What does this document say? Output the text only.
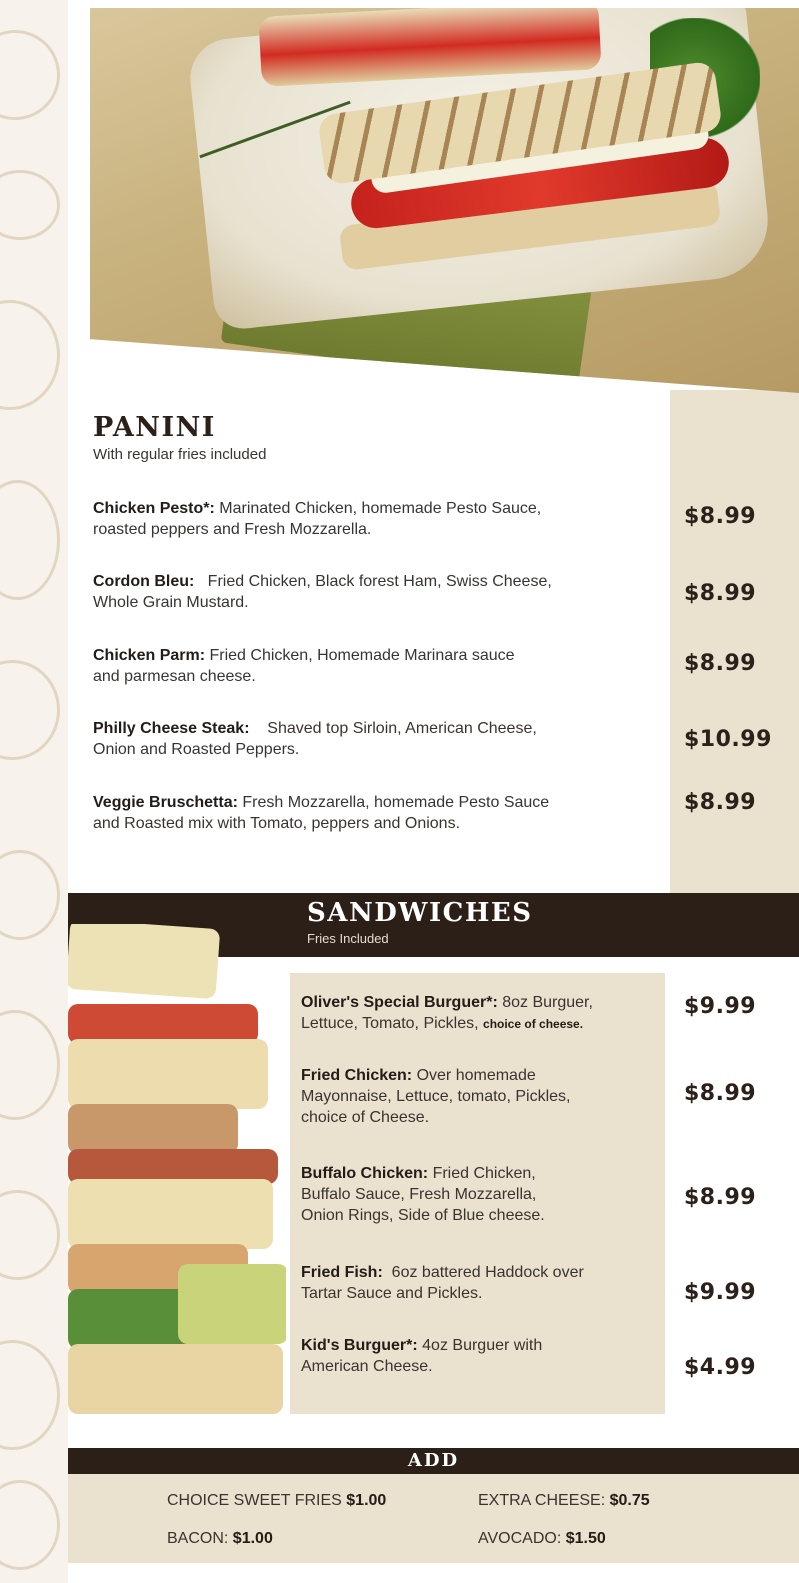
PANINI
With regular fries included
Chicken Pesto*: Marinated Chicken, homemade Pesto Sauce,
roasted peppers and Fresh Mozzarella.
$8.99
Cordon Bleu:   Fried Chicken, Black forest Ham, Swiss Cheese,
Whole Grain Mustard.	$8.99
Chicken Parm: Fried Chicken, Homemade Marinara sauce
and parmesan cheese.
$8.99
Philly Cheese Steak:    Shaved top Sirloin, American Cheese,
Onion and Roasted Peppers.	$10.99
Veggie Bruschetta: Fresh Mozzarella, homemade Pesto Sauce
and Roasted mix with Tomato, peppers and Onions.
$8.99
SANDWICHES
Fries Included
Oliver's Special Burguer*: 8oz Burguer,
Lettuce, Tomato, Pickles, choice of cheese.
$9.99
Fried Chicken: Over homemade
Mayonnaise, Lettuce, tomato, Pickles,
choice of Cheese.
$8.99
Buffalo Chicken: Fried Chicken,
Buffalo Sauce, Fresh Mozzarella,
Onion Rings, Side of Blue cheese.
$8.99
Fried Fish:  6oz battered Haddock over
Tartar Sauce and Pickles.	$9.99
Kid's Burguer*: 4oz Burguer with
American Cheese.	$4.99
ADD
CHOICE SWEET FRIES $1.00	EXTRA CHEESE: $0.75
BACON: $1.00	AVOCADO: $1.50
